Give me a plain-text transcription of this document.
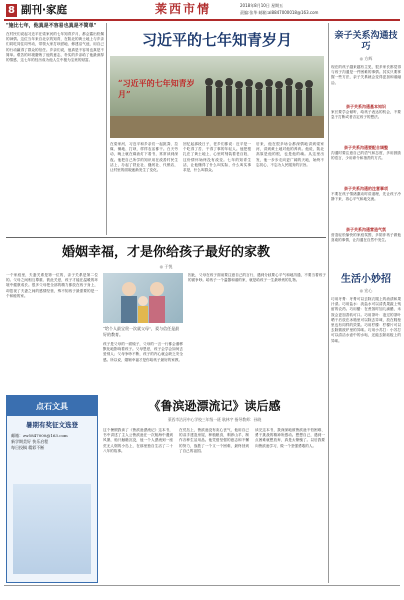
8 副刊·家庭	莱西市情	2018年8月10日 星期五
责编:张华 邮箱:al8847000018@163.com
"施比七年，他真是不容易也真是不简单"
在村民们说起习近平在梁家河的七年知青岁月，都会露出钦佩的神情。这位当年来自北京的知青，在陕北的黄土地上与乡亲们同吃同住同劳动，带领大家打坝淤地、修建沼气池，用自己的行动赢得了群众的信任。乡亲们说，他真是不容易也真是不简单。艰苦的环境磨炼了他的意志，朴实的乡亲给了他最深厚的情感，这七年的经历成为他人生中极为宝贵的财富。
习近平的七年知青岁月
“习近平的七年知青岁月”
在梁家河，习近平和乡亲们一起挑粪、拉煤、锄地、打坝，样样农活都干。白天劳动，晚上就在煤油灯下看书，常常读到深夜。他把自己所学的知识用在改善村民生活上，办起了铁业社、缝纫社、代销店，让村里的面貌逐渐发生了变化。
回忆起那段日子，老乡们都说：近平是一个吃得了苦、干得了事的年轻人。他把根扎在了黄土地上，心里时刻装着老百姓，这份情怀始终没有改变。七年的知青生活，让他懂得了什么叫实际，什么叫实事求是，什么叫群众。
后来，他在很多场合都深情地讲到梁家河，讲到黄土地对他的养育。他说，陕北高原是他的根，也是他的魂。从这里出发，他一步步走向更广阔的天地，始终不忘初心，不忘为人民服务的宗旨。
亲子关系沟通技巧
◎ 方辉
现在的孩子越来越有主见，很多家长都觉得与孩子沟通是一件困难的事情。其实只要掌握一些方法，亲子关系就会变得更加和谐融洽。
亲子关系沟通基本知识
家长要学会倾听，给孩子表达的机会，不要急于打断或者否定孩子的想法。
亲子关系沟通要配合调整
沟通时要注意自己的语气和态度，多用鼓励的语言，少用命令和指责的方式。
亲子关系沟通的注意事项
不要在孩子情绪激动时讲道理，先让孩子冷静下来，再心平气和地交流。
亲子关系沟通营造气氛
营造轻松愉快的家庭氛围，多陪伴孩子做他喜欢的事情，让沟通在自然中发生。
生活小妙招
◎ 宏心
巧用牙膏：牙膏可以去除衣服上的油渍和果汁渍。巧用盐水：淡盐水可以清洗果蔬上残留的农药。巧用醋：在煮饭时加几滴醋，米饭会更加香软可口。巧用茶叶：泡过的茶叶晒干后放在冰箱里可以除去异味，放在鞋柜里也有同样的效果。巧用柠檬：柠檬片可以去除微波炉里的异味。巧用小苏打：小苏打可以清洁水壶中的水垢，还能去除砧板上的异味。
婚姻幸福，才是你给孩子最好的家教
◎ 于悦
一个家庭里，夫妻关系是第一位的，亲子关系是第二位的。父母之间相互尊重、彼此关爱，孩子才能在温暖的环境中健康成长。很多父母把全部的精力都放在孩子身上，却忽视了夫妻之间的感情经营，殊不知孩子最需要的是一个和睦的家。
“给个人最宝贵一次就父母”，爱与信任是最好的教育。
孩子是父母的一面镜子，父母的一言一行都会潜移默化地影响着孩子。父母恩爱，孩子会学会如何去爱别人；父母争吵不断，孩子的内心就会缺乏安全感。所以说，婚姻幸福才是你给孩子最好的家教。
因此，父母在孩子面前要注意自己的言行，遇到分歧要心平气和地沟通，不要当着孩子的面争吵。给孩子一个温馨和谐的家，就是给孩子一生最珍贵的礼物。
点石文具
暑期有奖征文选登
邮箱：zw5847000@163.com
新学期美好 快乐启程
每日投稿 精彩不断
《鲁滨逊漂流记》读后感
莱西市沽河中心学校三年级一班 耿林宇 指导教师：孙晓
这个暑假我读了《鲁滨逊漂流记》这本书，书中讲述了主人公鲁滨逊在一次航海中遇到风暴，船只触礁沉没，他一个人漂流到一座荒无人烟的小岛上，在那里独自生活了二十八年的故事。
在荒岛上，鲁滨逊没有灰心丧气，他用自己的双手建造房屋，种植粮食，驯养山羊，制作各种生活用品。他凭借坚强的意志和不懈的努力，战胜了一个又一个困难，最终回到了自己的祖国。
读完这本书，我深深地被鲁滨逊不怕困难、勇于挑战的精神所感动。想想自己，遇到一点困难就想放弃，真是太惭愧了。以后我要向鲁滨逊学习，做一个坚强勇敢的人。
